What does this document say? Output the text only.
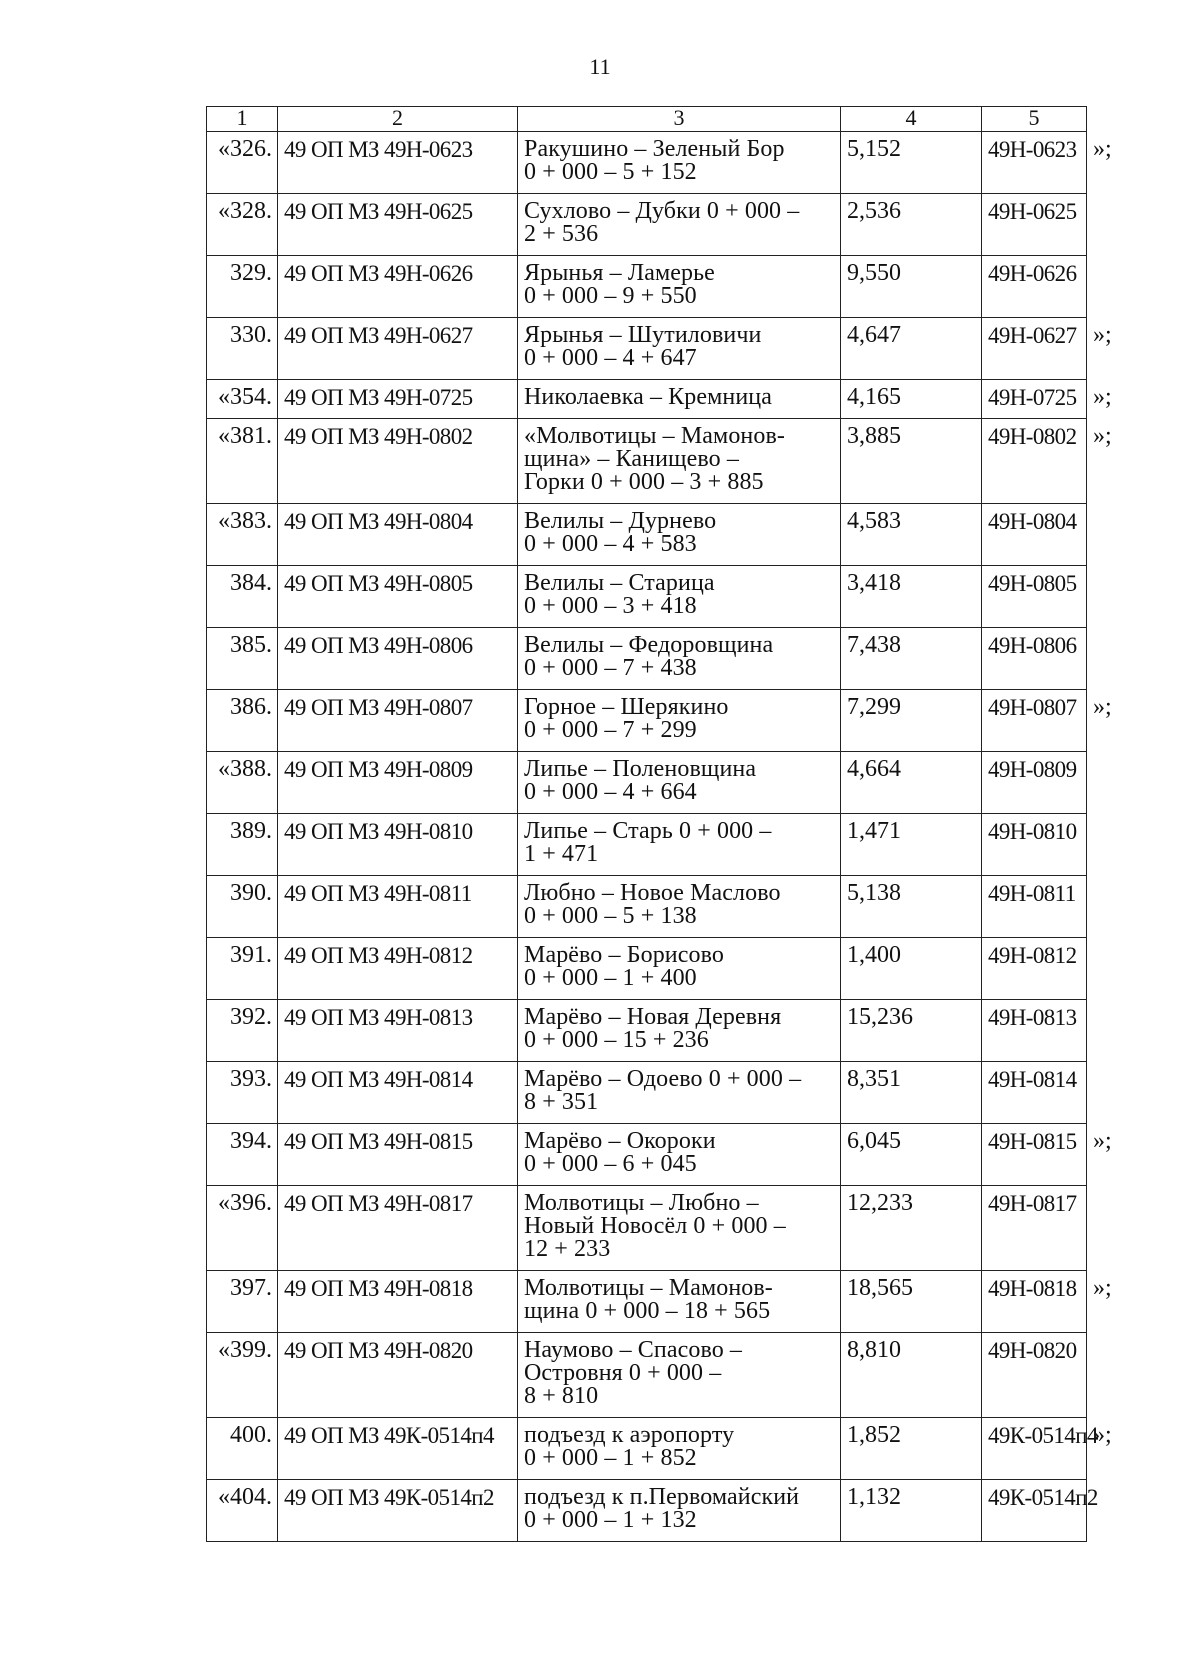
11
1	2	3	4	5	
«326.	49 ОП МЗ 49Н-0623	Ракушино – Зеленый Бор
0 + 000 – 5 + 152	5,152	49Н-0623	»;
«328.	49 ОП МЗ 49Н-0625	Сухлово – Дубки 0 + 000 –
2 + 536	2,536	49Н-0625	
329.	49 ОП МЗ 49Н-0626	Ярынья – Ламерье
0 + 000 – 9 + 550	9,550	49Н-0626	
330.	49 ОП МЗ 49Н-0627	Ярынья – Шутиловичи
0 + 000 – 4 + 647	4,647	49Н-0627	»;
«354.	49 ОП МЗ 49Н-0725	Николаевка – Кремница	4,165	49Н-0725	»;
«381.	49 ОП МЗ 49Н-0802	«Молвотицы – Мамонов-
щина» – Канищево –
Горки 0 + 000 – 3 + 885	3,885	49Н-0802	»;
«383.	49 ОП МЗ 49Н-0804	Велилы – Дурнево
0 + 000 – 4 + 583	4,583	49Н-0804	
384.	49 ОП МЗ 49Н-0805	Велилы – Старица
0 + 000 – 3 + 418	3,418	49Н-0805	
385.	49 ОП МЗ 49Н-0806	Велилы – Федоровщина
0 + 000 – 7 + 438	7,438	49Н-0806	
386.	49 ОП МЗ 49Н-0807	Горное – Шерякино
0 + 000 – 7 + 299	7,299	49Н-0807	»;
«388.	49 ОП МЗ 49Н-0809	Липье – Поленовщина
0 + 000 – 4 + 664	4,664	49Н-0809	
389.	49 ОП МЗ 49Н-0810	Липье – Старь 0 + 000 –
1 + 471	1,471	49Н-0810	
390.	49 ОП МЗ 49Н-0811	Любно – Новое Маслово
0 + 000 – 5 + 138	5,138	49Н-0811	
391.	49 ОП МЗ 49Н-0812	Марёво – Борисово
0 + 000 – 1 + 400	1,400	49Н-0812	
392.	49 ОП МЗ 49Н-0813	Марёво – Новая Деревня
0 + 000 – 15 + 236	15,236	49Н-0813	
393.	49 ОП МЗ 49Н-0814	Марёво – Одоево 0 + 000 –
8 + 351	8,351	49Н-0814	
394.	49 ОП МЗ 49Н-0815	Марёво – Окороки
0 + 000 – 6 + 045	6,045	49Н-0815	»;
«396.	49 ОП МЗ 49Н-0817	Молвотицы – Любно –
Новый Новосёл 0 + 000 –
12 + 233	12,233	49Н-0817	
397.	49 ОП МЗ 49Н-0818	Молвотицы – Мамонов-
щина 0 + 000 – 18 + 565	18,565	49Н-0818	»;
«399.	49 ОП МЗ 49Н-0820	Наумово – Спасово –
Островня 0 + 000 –
8 + 810	8,810	49Н-0820	
400.	49 ОП МЗ 49К-0514п4	подъезд к аэропорту
0 + 000 – 1 + 852	1,852	49К-0514п4	»;
«404.	49 ОП МЗ 49К-0514п2	подъезд к п.Первомайский
0 + 000 – 1 + 132	1,132	49К-0514п2	
